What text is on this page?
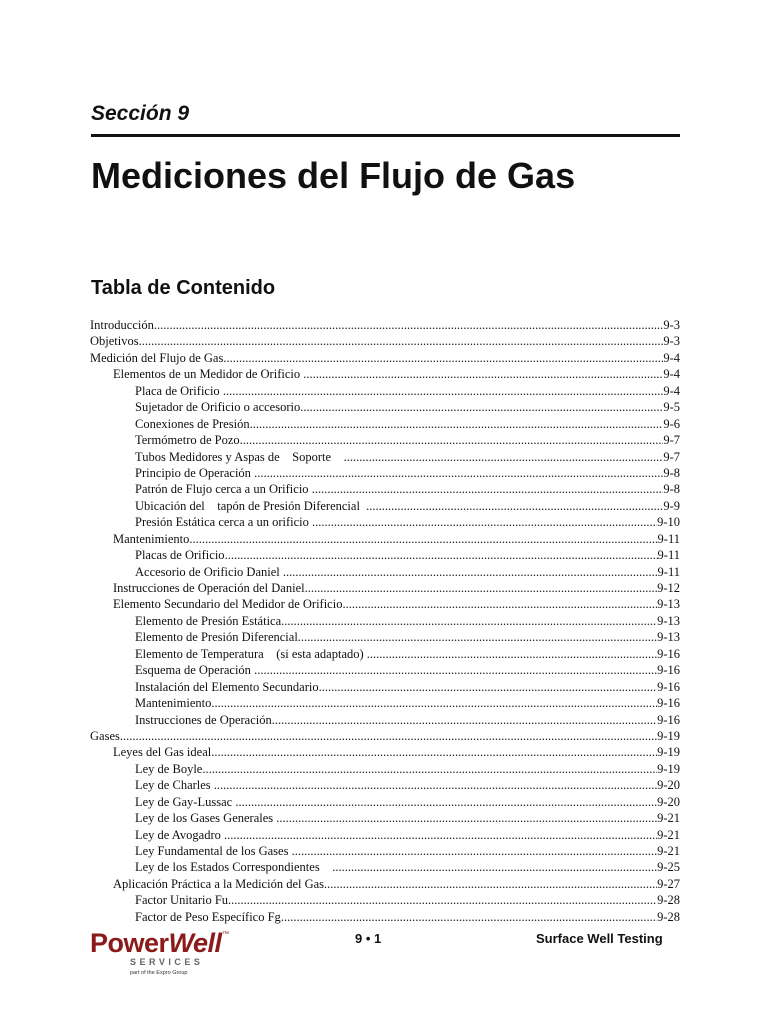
Sección 9
Mediciones del Flujo de Gas
Tabla de Contenido
Introducción .....	9-3
Objetivos .....	9-3
Medición del Flujo de Gas .....	9-4
Elementos de un Medidor de Orificio .....	9-4
Placa de Orificio .....	9-4
Sujetador de Orificio o accesorio .....	9-5
Conexiones de Presión .....	9-6
Termómetro de Pozo .....	9-7
Tubos Medidores y Aspas de    Soporte .....	9-7
Principio de Operación .....	9-8
Patrón de Flujo cerca a un Orificio .....	9-8
Ubicación del    tapón de Presión Diferencial .....	9-9
Presión Estática cerca a un orificio .....	9-10
Mantenimiento .....	9-11
Placas de Orificio .....	9-11
Accesorio de Orificio Daniel .....	9-11
Instrucciones de Operación del Daniel .....	9-12
Elemento Secundario del Medidor de Orificio .....	9-13
Elemento de Presión Estática .....	9-13
Elemento de Presión Diferencial .....	9-13
Elemento de Temperatura    (si esta adaptado) .....	9-16
Esquema de Operación .....	9-16
Instalación del Elemento Secundario .....	9-16
Mantenimiento .....	9-16
Instrucciones de Operación .....	9-16
Gases .....	9-19
Leyes del Gas ideal .....	9-19
Ley de Boyle .....	9-19
Ley de Charles .....	9-20
Ley de Gay-Lussac .....	9-20
Ley de los Gases Generales .....	9-21
Ley de Avogadro .....	9-21
Ley Fundamental de los Gases .....	9-21
Ley de los Estados Correspondientes .....	9-25
Aplicación Práctica a la Medición del Gas .....	9-27
Factor Unitario Fu .....	9-28
Factor de Peso Específico Fg .....	9-28
PowerWell ™
SERVICES
part of the Expro Group
9 • 1	Surface Well Testing
